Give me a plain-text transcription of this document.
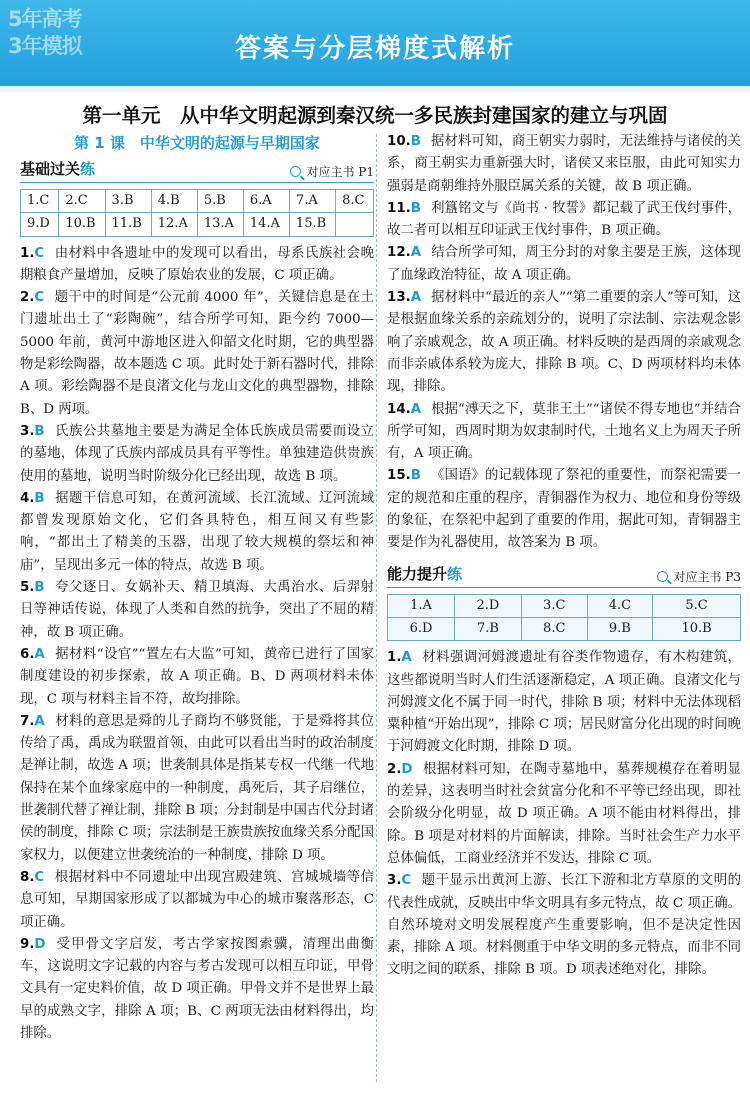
5年高考
3年模拟	答案与分层梯度式解析
第一单元　从中华文明起源到秦汉统一多民族封建国家的建立与巩固
第 1 课　中华文明的起源与早期国家
基础过关练	对应主书 P1
1.C	2.C	3.B	4.B	5.B	6.A	7.A	8.C
9.D	10.B	11.B	12.A	13.A	14.A	15.B	

1.C 由材料中各遗址中的发现可以看出，母系氏族社会晚期粮食产量增加，反映了原始农业的发展，C 项正确。

2.C 题干中的时间是“公元前 4000 年”，关键信息是在土门遗址出土了“彩陶碗”，结合所学可知，距今约 7000—5000 年前，黄河中游地区进入仰韶文化时期，它的典型器物是彩绘陶器，故本题选 C 项。此时处于新石器时代，排除 A 项。彩绘陶器不是良渚文化与龙山文化的典型器物，排除 B、D 两项。

3.B 氏族公共墓地主要是为满足全体氏族成员需要而设立的墓地，体现了氏族内部成员具有平等性。单独建造供贵族使用的墓地，说明当时阶级分化已经出现，故选 B 项。

4.B 据题干信息可知，在黄河流域、长江流域、辽河流域都曾发现原始文化，它们各具特色，相互间又有些影响，“都出土了精美的玉器，出现了较大规模的祭坛和神庙”，呈现出多元一体的特点，故选 B 项。

5.B 夸父逐日、女娲补天、精卫填海、大禹治水、后羿射日等神话传说，体现了人类和自然的抗争，突出了不屈的精神，故 B 项正确。

6.A 据材料“设官”“置左右大监”可知，黄帝已进行了国家制度建设的初步探索，故 A 项正确。B、D 两项材料未体现，C 项与材料主旨不符，故均排除。

7.A 材料的意思是舜的儿子商均不够贤能，于是舜将其位传给了禹，禹成为联盟首领，由此可以看出当时的政治制度是禅让制，故选 A 项；世袭制具体是指某专权一代继一代地保持在某个血缘家庭中的一种制度，禹死后，其子启继位，世袭制代替了禅让制，排除 B 项；分封制是中国古代分封诸侯的制度，排除 C 项；宗法制是王族贵族按血缘关系分配国家权力，以便建立世袭统治的一种制度，排除 D 项。

8.C 根据材料中不同遗址中出现宫殿建筑、宫城城墙等信息可知，早期国家形成了以都城为中心的城市聚落形态，C 项正确。

9.D 受甲骨文字启发，考古学家按图索骥，清理出曲衡车，这说明文字记载的内容与考古发现可以相互印证，甲骨文具有一定史料价值，故 D 项正确。甲骨文并不是世界上最早的成熟文字，排除 A 项；B、C 两项无法由材料得出，均排除。

10.B 据材料可知，商王朝实力弱时，无法维持与诸侯的关系，商王朝实力重新强大时，诸侯又来臣服，由此可知实力强弱是商朝维持外服臣属关系的关键，故 B 项正确。

11.B 利簋铭文与《尚书 · 牧誓》都记载了武王伐纣事件，故二者可以相互印证武王伐纣事件，B 项正确。

12.A 结合所学可知，周王分封的对象主要是王族，这体现了血缘政治特征，故 A 项正确。

13.A 据材料中“最近的亲人”“第二重要的亲人”等可知，这是根据血缘关系的亲疏划分的，说明了宗法制、宗法观念影响了亲戚观念，故 A 项正确。材料反映的是西周的亲戚观念而非亲戚体系较为庞大，排除 B 项。C、D 两项材料均未体现，排除。

14.A 根据“溥天之下，莫非王土”“诸侯不得专地也”并结合所学可知，西周时期为奴隶制时代，土地名义上为周天子所有，A 项正确。

15.B 《国语》的记载体现了祭祀的重要性，而祭祀需要一定的规范和庄重的程序，青铜器作为权力、地位和身份等级的象征，在祭祀中起到了重要的作用，据此可知，青铜器主要是作为礼器使用，故答案为 B 项。

能力提升练	对应主书 P3
1.A	2.D	3.C	4.C	5.C
6.D	7.B	8.C	9.B	10.B

1.A 材料强调河姆渡遗址有谷类作物遗存，有木构建筑，这些都说明当时人们生活逐渐稳定，A 项正确。良渚文化与河姆渡文化不属于同一时代，排除 B 项；材料中无法体现稻粟种植“开始出现”，排除 C 项；居民财富分化出现的时间晚于河姆渡文化时期，排除 D 项。

2.D 根据材料可知，在陶寺墓地中，墓葬规模存在着明显的差异，这表明当时社会贫富分化和不平等已经出现，即社会阶级分化明显，故 D 项正确。A 项不能由材料得出，排除。B 项是对材料的片面解读，排除。当时社会生产力水平总体偏低，工商业经济并不发达，排除 C 项。

3.C 题干显示出黄河上游、长江下游和北方草原的文明的代表性成就，反映出中华文明具有多元特点，故 C 项正确。自然环境对文明发展程度产生重要影响，但不是决定性因素，排除 A 项。材料侧重于中华文明的多元特点，而非不同文明之间的联系，排除 B 项。D 项表述绝对化，排除。
